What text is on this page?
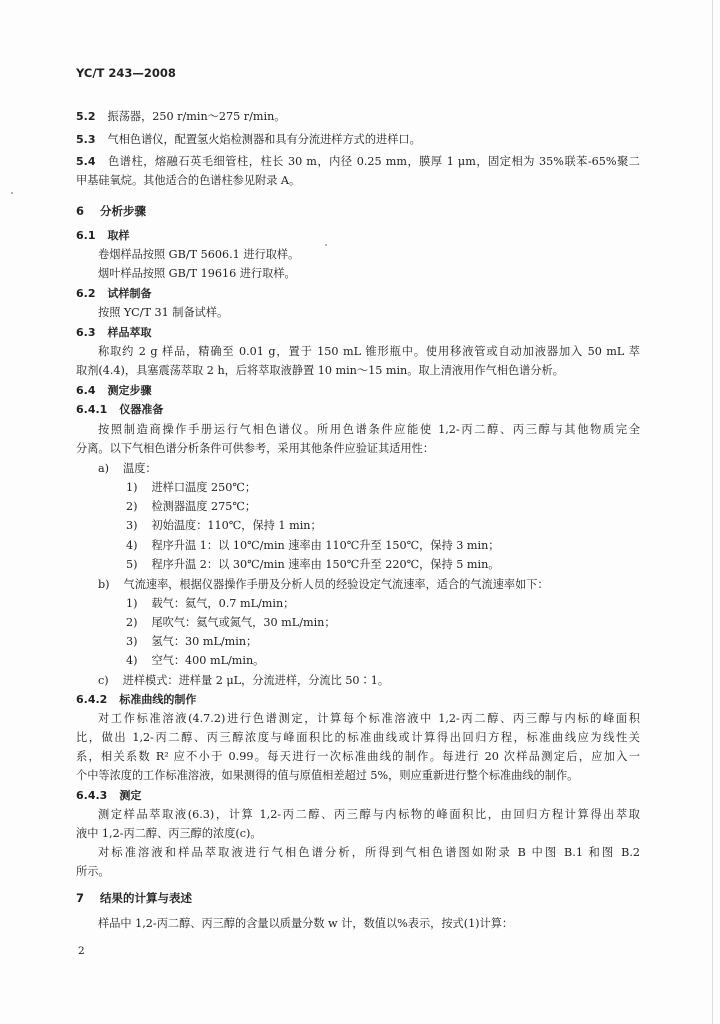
YC/T 243—2008
5.2 振荡器，250 r/min～275 r/min。
5.3 气相色谱仪，配置氢火焰检测器和具有分流进样方式的进样口。
5.4 色谱柱，熔融石英毛细管柱，柱长 30 m，内径 0.25 mm，膜厚 1 μm，固定相为 35%联苯-65%聚二
甲基硅氧烷。其他适合的色谱柱参见附录 A。
6 分析步骤
6.1 取样
卷烟样品按照 GB/T 5606.1 进行取样。
烟叶样品按照 GB/T 19616 进行取样。
6.2 试样制备
按照 YC/T 31 制备试样。
6.3 样品萃取
称取约 2 g 样品，精确至 0.01 g，置于 150 mL 锥形瓶中。使用移液管或自动加液器加入 50 mL 萃
取剂(4.4)，具塞震荡萃取 2 h，后将萃取液静置 10 min～15 min。取上清液用作气相色谱分析。
6.4 测定步骤
6.4.1 仪器准备
按照制造商操作手册运行气相色谱仪。所用色谱条件应能使 1,2-丙二醇、丙三醇与其他物质完全
分离。以下气相色谱分析条件可供参考，采用其他条件应验证其适用性：
a) 温度：
1) 进样口温度 250℃；
2) 检测器温度 275℃；
3) 初始温度：110℃，保持 1 min；
4) 程序升温 1：以 10℃/min 速率由 110℃升至 150℃，保持 3 min；
5) 程序升温 2：以 30℃/min 速率由 150℃升至 220℃，保持 5 min。
b) 气流速率，根据仪器操作手册及分析人员的经验设定气流速率，适合的气流速率如下：
1) 载气：氦气，0.7 mL/min；
2) 尾吹气：氦气或氮气，30 mL/min；
3) 氢气：30 mL/min；
4) 空气：400 mL/min。
c) 进样模式：进样量 2 μL，分流进样，分流比 50∶1。
6.4.2 标准曲线的制作
对工作标准溶液(4.7.2)进行色谱测定，计算每个标准溶液中 1,2-丙二醇、丙三醇与内标的峰面积
比，做出 1,2-丙二醇、丙三醇浓度与峰面积比的标准曲线或计算得出回归方程，标准曲线应为线性关
系，相关系数 R² 应不小于 0.99。每天进行一次标准曲线的制作。每进行 20 次样品测定后，应加入一
个中等浓度的工作标准溶液，如果测得的值与原值相差超过 5%，则应重新进行整个标准曲线的制作。
6.4.3 测定
测定样品萃取液(6.3)，计算 1,2-丙二醇、丙三醇与内标物的峰面积比，由回归方程计算得出萃取
液中 1,2-丙二醇、丙三醇的浓度(c)。
对标准溶液和样品萃取液进行气相色谱分析，所得到气相色谱图如附录 B 中图 B.1 和图 B.2
所示。
7 结果的计算与表述
样品中 1,2-丙二醇、丙三醇的含量以质量分数 w 计，数值以%表示，按式(1)计算：
2
